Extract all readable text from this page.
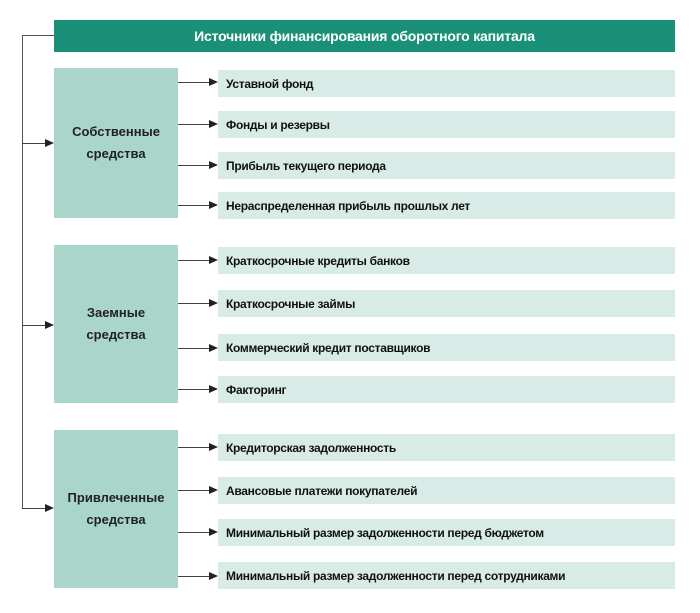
Источники финансирования оборотного капитала
Собственные
средства
Уставной фонд
Фонды и резервы
Прибыль текущего периода
Нераспределенная прибыль прошлых лет
Заемные
средства
Краткосрочные кредиты банков
Краткосрочные займы
Коммерческий кредит поставщиков
Факторинг
Привлеченные
средства
Кредиторская задолженность
Авансовые платежи покупателей
Минимальный размер задолженности перед бюджетом
Минимальный размер задолженности перед сотрудниками
